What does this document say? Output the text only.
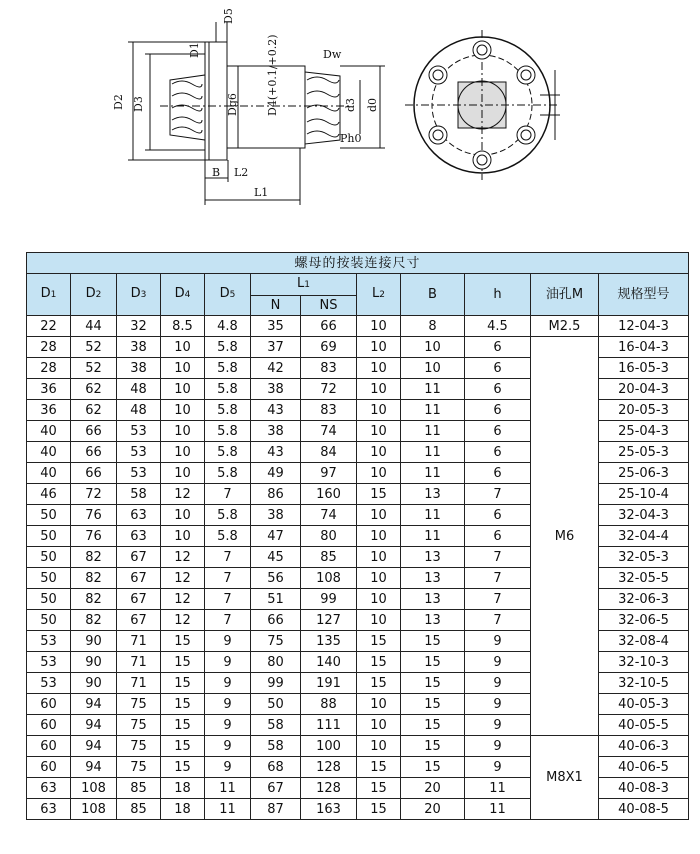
D2 D3
D1
D5
Dg6 D4(+0.1/+0.2)	Dw
d3 d0
Ph0
B L2
L1
螺母的按装连接尺寸											
D1	D2	D3	D4	D5	L1		L2	B	h	油孔M	规格型号
					N	NS					
22	44	32	8.5	4.8	35	66	10	8	4.5	M2.5	12-04-3
28	52	38	10	5.8	37	69	10	10	6	M6	16-04-3
28	52	38	10	5.8	42	83	10	10	6		16-05-3
36	62	48	10	5.8	38	72	10	11	6		20-04-3
36	62	48	10	5.8	43	83	10	11	6		20-05-3
40	66	53	10	5.8	38	74	10	11	6		25-04-3
40	66	53	10	5.8	43	84	10	11	6		25-05-3
40	66	53	10	5.8	49	97	10	11	6		25-06-3
46	72	58	12	7	86	160	15	13	7		25-10-4
50	76	63	10	5.8	38	74	10	11	6		32-04-3
50	76	63	10	5.8	47	80	10	11	6		32-04-4
50	82	67	12	7	45	85	10	13	7		32-05-3
50	82	67	12	7	56	108	10	13	7		32-05-5
50	82	67	12	7	51	99	10	13	7		32-06-3
50	82	67	12	7	66	127	10	13	7		32-06-5
53	90	71	15	9	75	135	15	15	9		32-08-4
53	90	71	15	9	80	140	15	15	9		32-10-3
53	90	71	15	9	99	191	15	15	9		32-10-5
60	94	75	15	9	50	88	10	15	9		40-05-3
60	94	75	15	9	58	111	10	15	9		40-05-5
60	94	75	15	9	58	100	10	15	9	M8X1	40-06-3
60	94	75	15	9	68	128	15	15	9		40-06-5
63	108	85	18	11	67	128	15	20	11		40-08-3
63	108	85	18	11	87	163	15	20	11		40-08-5
